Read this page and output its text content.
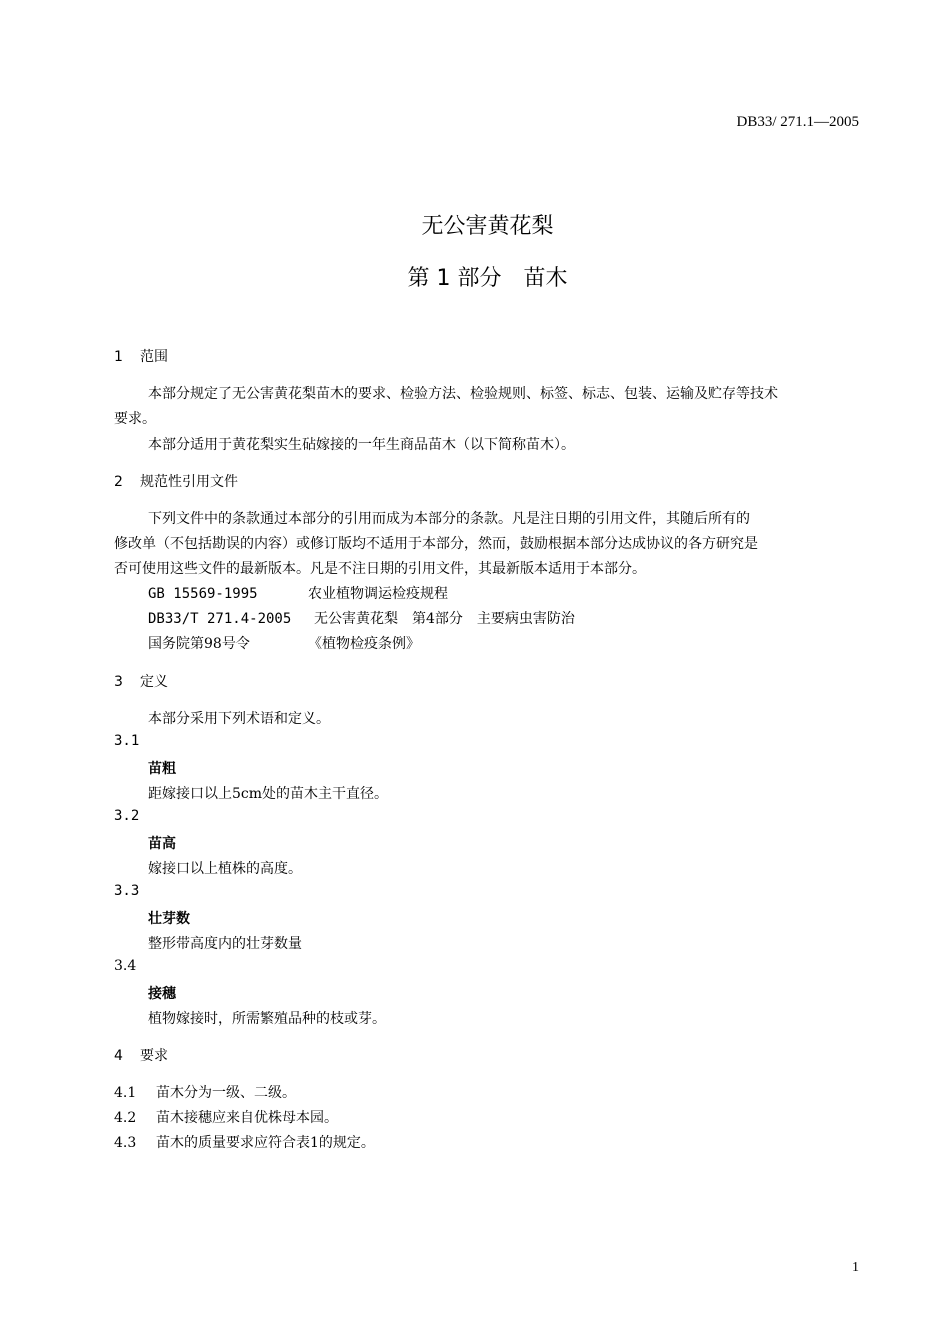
DB33/ 271.1—2005
无公害黄花梨
第 1 部分　苗木
1 范围
本部分规定了无公害黄花梨苗木的要求、检验方法、检验规则、标签、标志、包装、运输及贮存等技术
要求。
本部分适用于黄花梨实生砧嫁接的一年生商品苗木（以下简称苗木）。
2 规范性引用文件
下列文件中的条款通过本部分的引用而成为本部分的条款。凡是注日期的引用文件，其随后所有的
修改单（不包括勘误的内容）或修订版均不适用于本部分，然而，鼓励根据本部分达成协议的各方研究是
否可使用这些文件的最新版本。凡是不注日期的引用文件，其最新版本适用于本部分。
GB 15569-1995	农业植物调运检疫规程
DB33/T 271.4-2005 无公害黄花梨　第4部分　主要病虫害防治
国务院第98号令	《植物检疫条例》
3 定义
本部分采用下列术语和定义。
3.1
苗粗
距嫁接口以上5cm处的苗木主干直径。
3.2
苗高
嫁接口以上植株的高度。
3.3
壮芽数
整形带高度内的壮芽数量
3.4
接穗
植物嫁接时，所需繁殖品种的枝或芽。
4 要求
4.1 苗木分为一级、二级。
4.2 苗木接穗应来自优株母本园。
4.3 苗木的质量要求应符合表1的规定。
1
